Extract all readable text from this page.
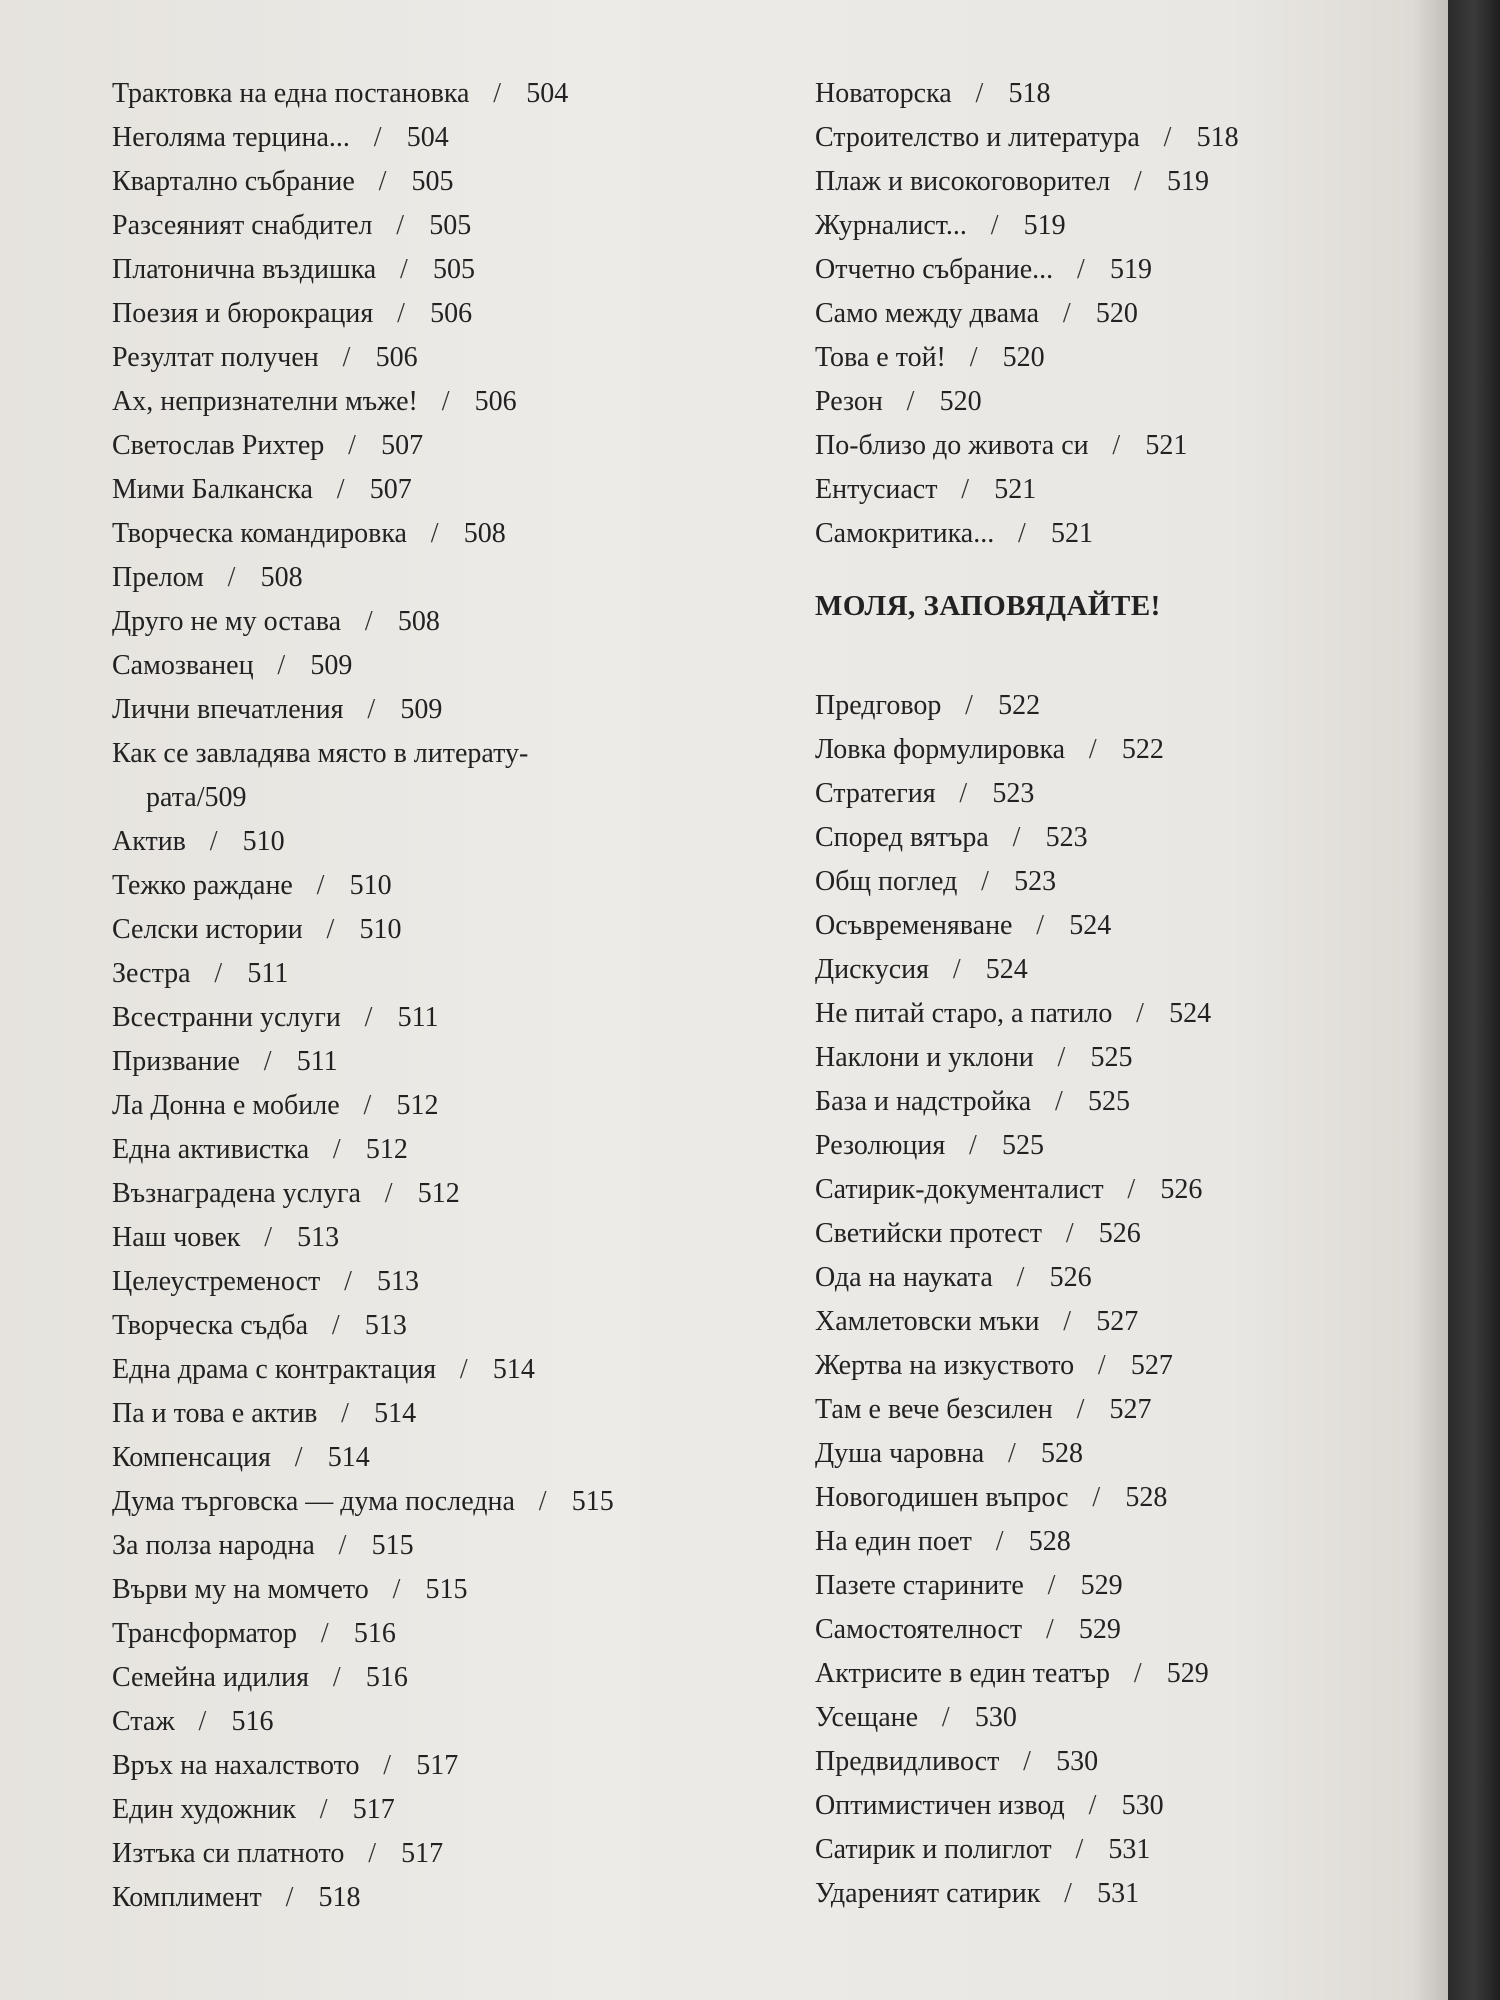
Трактовка на една постановка / 504
Неголяма терцина... / 504
Квартално събрание / 505
Разсеяният снабдител / 505
Платонична въздишка / 505
Поезия и бюрокрация / 506
Резултат получен / 506
Ах, непризнателни мъже! / 506
Светослав Рихтер / 507
Мими Балканска / 507
Творческа командировка / 508
Прелом / 508
Друго не му остава / 508
Самозванец / 509
Лични впечатления / 509
Как се завладява място в литерату-
рата / 509
Актив / 510
Тежко раждане / 510
Селски истории / 510
Зестра / 511
Всестранни услуги / 511
Призвание / 511
Ла Донна е мобиле / 512
Една активистка / 512
Възнаградена услуга / 512
Наш човек / 513
Целеустременост / 513
Творческа съдба / 513
Една драма с контрактация / 514
Па и това е актив / 514
Компенсация / 514
Дума търговска — дума последна / 515
За полза народна / 515
Върви му на момчето / 515
Трансформатор / 516
Семейна идилия / 516
Стаж / 516
Връх на нахалството / 517
Един художник / 517
Изтъка си платното / 517
Комплимент / 518
Новаторска / 518
Строителство и литература / 518
Плаж и високоговорител / 519
Журналист... / 519
Отчетно събрание... / 519
Само между двама / 520
Това е той! / 520
Резон / 520
По-близо до живота си / 521
Ентусиаст / 521
Самокритика... / 521
МОЛЯ, ЗАПОВЯДАЙТЕ!
Предговор / 522
Ловка формулировка / 522
Стратегия / 523
Според вятъра / 523
Общ поглед / 523
Осъвременяване / 524
Дискусия / 524
Не питай старо, а патило / 524
Наклони и уклони / 525
База и надстройка / 525
Резолюция / 525
Сатирик-документалист / 526
Светийски протест / 526
Ода на науката / 526
Хамлетовски мъки / 527
Жертва на изкуството / 527
Там е вече безсилен / 527
Душа чаровна / 528
Новогодишен въпрос / 528
На един поет / 528
Пазете старините / 529
Самостоятелност / 529
Актрисите в един театър / 529
Усещане / 530
Предвидливост / 530
Оптимистичен извод / 530
Сатирик и полиглот / 531
Ударeният сатирик / 531
